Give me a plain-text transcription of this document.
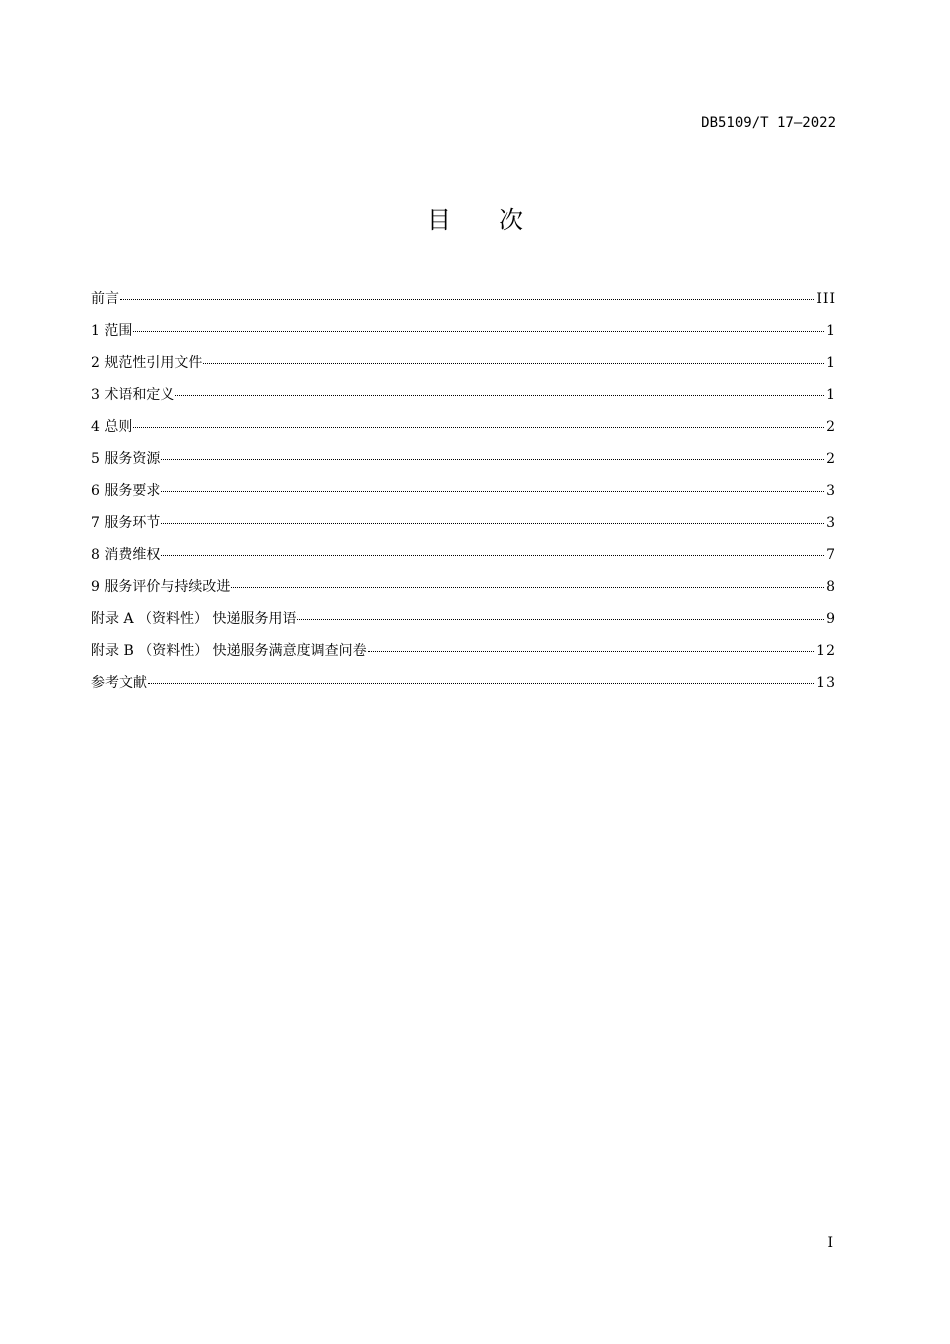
DB5109/T 17—2022
目 次
前言	III
1 范围	1
2 规范性引用文件	1
3 术语和定义	1
4 总则	2
5 服务资源	2
6 服务要求	3
7 服务环节	3
8 消费维权	7
9 服务评价与持续改进	8
附录 A （资料性） 快递服务用语	9
附录 B （资料性） 快递服务满意度调查问卷	12
参考文献	13
I
